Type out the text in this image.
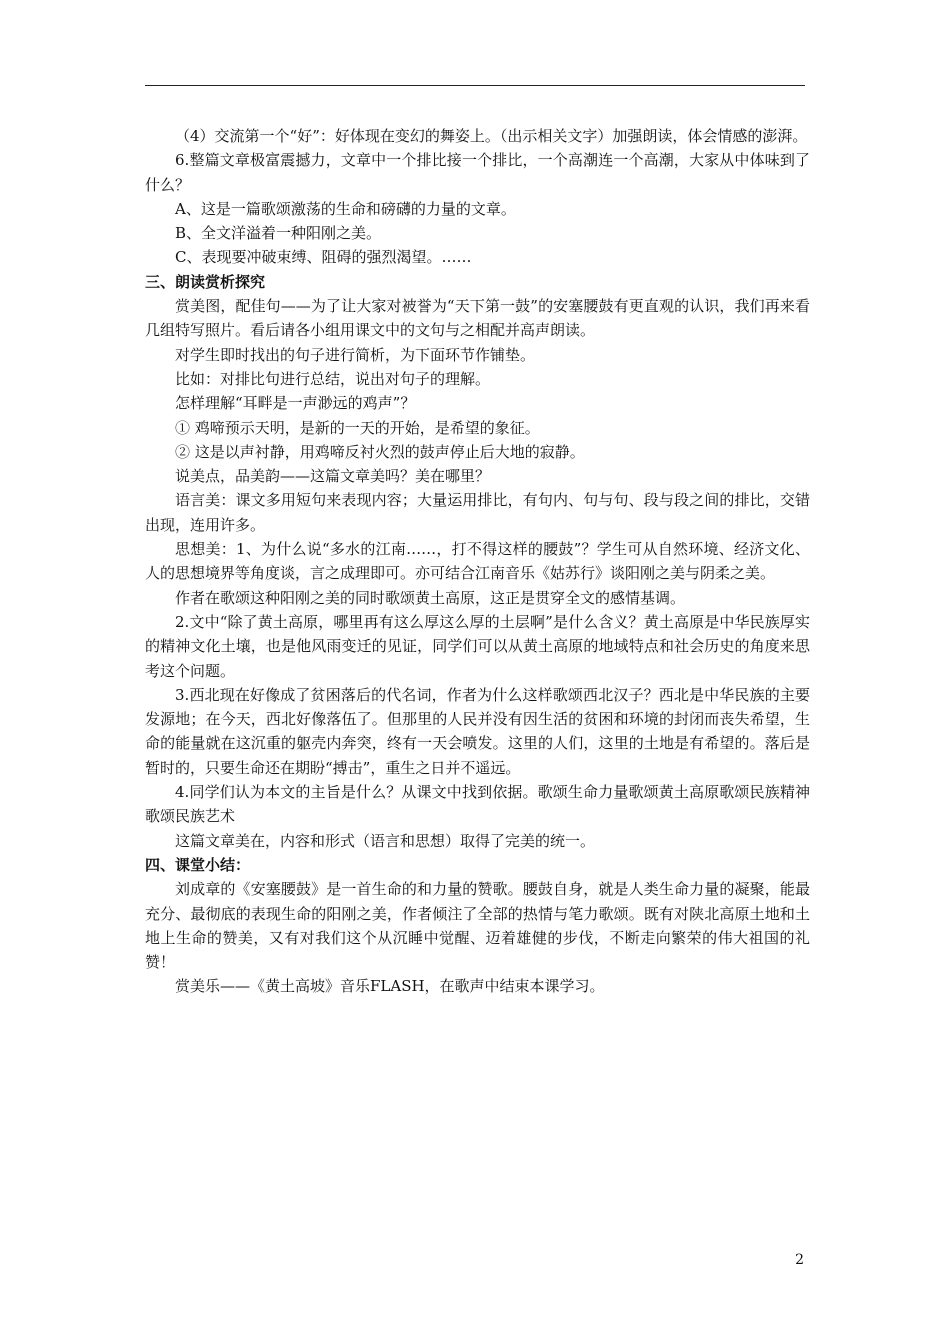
（4）交流第一个“好”：好体现在变幻的舞姿上。（出示相关文字）加强朗读，体会情感的澎湃。

6.整篇文章极富震撼力，文章中一个排比接一个排比，一个高潮连一个高潮，大家从中体味到了什么？

A、这是一篇歌颂激荡的生命和磅礴的力量的文章。

B、全文洋溢着一种阳刚之美。

C、表现要冲破束缚、阻碍的强烈渴望。……

三、朗读赏析探究

赏美图，配佳句——为了让大家对被誉为“天下第一鼓”的安塞腰鼓有更直观的认识，我们再来看几组特写照片。看后请各小组用课文中的文句与之相配并高声朗读。

对学生即时找出的句子进行简析，为下面环节作铺垫。

比如：对排比句进行总结，说出对句子的理解。

怎样理解“耳畔是一声渺远的鸡声”？

① 鸡啼预示天明，是新的一天的开始，是希望的象征。

② 这是以声衬静，用鸡啼反衬火烈的鼓声停止后大地的寂静。

说美点，品美韵——这篇文章美吗？美在哪里？

语言美：课文多用短句来表现内容；大量运用排比，有句内、句与句、段与段之间的排比，交错出现，连用许多。

思想美：1、为什么说“多水的江南……，打不得这样的腰鼓”？学生可从自然环境、经济文化、人的思想境界等角度谈，言之成理即可。亦可结合江南音乐《姑苏行》谈阳刚之美与阴柔之美。

作者在歌颂这种阳刚之美的同时歌颂黄土高原，这正是贯穿全文的感情基调。

2.文中“除了黄土高原，哪里再有这么厚这么厚的土层啊”是什么含义？黄土高原是中华民族厚实的精神文化土壤，也是他风雨变迁的见证，同学们可以从黄土高原的地域特点和社会历史的角度来思考这个问题。

3.西北现在好像成了贫困落后的代名词，作者为什么这样歌颂西北汉子？西北是中华民族的主要发源地；在今天，西北好像落伍了。但那里的人民并没有因生活的贫困和环境的封闭而丧失希望，生命的能量就在这沉重的躯壳内奔突，终有一天会喷发。这里的人们，这里的土地是有希望的。落后是暂时的，只要生命还在期盼“搏击”，重生之日并不遥远。

4.同学们认为本文的主旨是什么？从课文中找到依据。歌颂生命力量歌颂黄土高原歌颂民族精神歌颂民族艺术

这篇文章美在，内容和形式（语言和思想）取得了完美的统一。

四、课堂小结：

刘成章的《安塞腰鼓》是一首生命的和力量的赞歌。腰鼓自身，就是人类生命力量的凝聚，能最充分、最彻底的表现生命的阳刚之美，作者倾注了全部的热情与笔力歌颂。既有对陕北高原土地和土地上生命的赞美，又有对我们这个从沉睡中觉醒、迈着雄健的步伐，不断走向繁荣的伟大祖国的礼赞！

赏美乐——《黄土高坡》音乐FLASH，在歌声中结束本课学习。

2
